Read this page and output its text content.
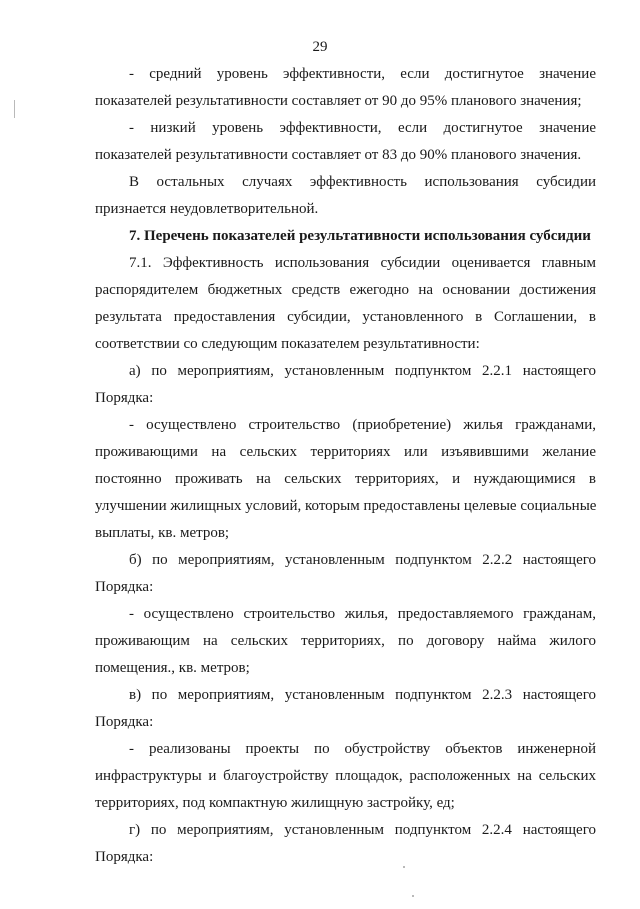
29
- средний уровень эффективности, если достигнутое значение
показателей результативности составляет от 90 до 95% планового значения;
- низкий уровень эффективности, если достигнутое значение
показателей результативности составляет от 83 до 90% планового значения.
В остальных случаях эффективность использования субсидии
признается неудовлетворительной.
7. Перечень показателей результативности использования субсидии
7.1. Эффективность использования субсидии оценивается главным
распорядителем бюджетных средств ежегодно на основании достижения
результата предоставления субсидии, установленного в Соглашении, в
соответствии со следующим показателем результативности:
а) по мероприятиям, установленным подпунктом 2.2.1 настоящего
Порядка:
- осуществлено строительство (приобретение) жилья гражданами,
проживающими на сельских территориях или изъявившими желание
постоянно проживать на сельских территориях, и нуждающимися в
улучшении жилищных условий, которым предоставлены целевые социальные
выплаты, кв. метров;
б) по мероприятиям, установленным подпунктом 2.2.2 настоящего
Порядка:
- осуществлено строительство жилья, предоставляемого гражданам,
проживающим на сельских территориях, по договору найма жилого
помещения., кв. метров;
в) по мероприятиям, установленным подпунктом 2.2.3 настоящего
Порядка:
- реализованы проекты по обустройству объектов инженерной
инфраструктуры и благоустройству площадок, расположенных на сельских
территориях, под компактную жилищную застройку, ед;
г) по мероприятиям, установленным подпунктом 2.2.4 настоящего
Порядка:
